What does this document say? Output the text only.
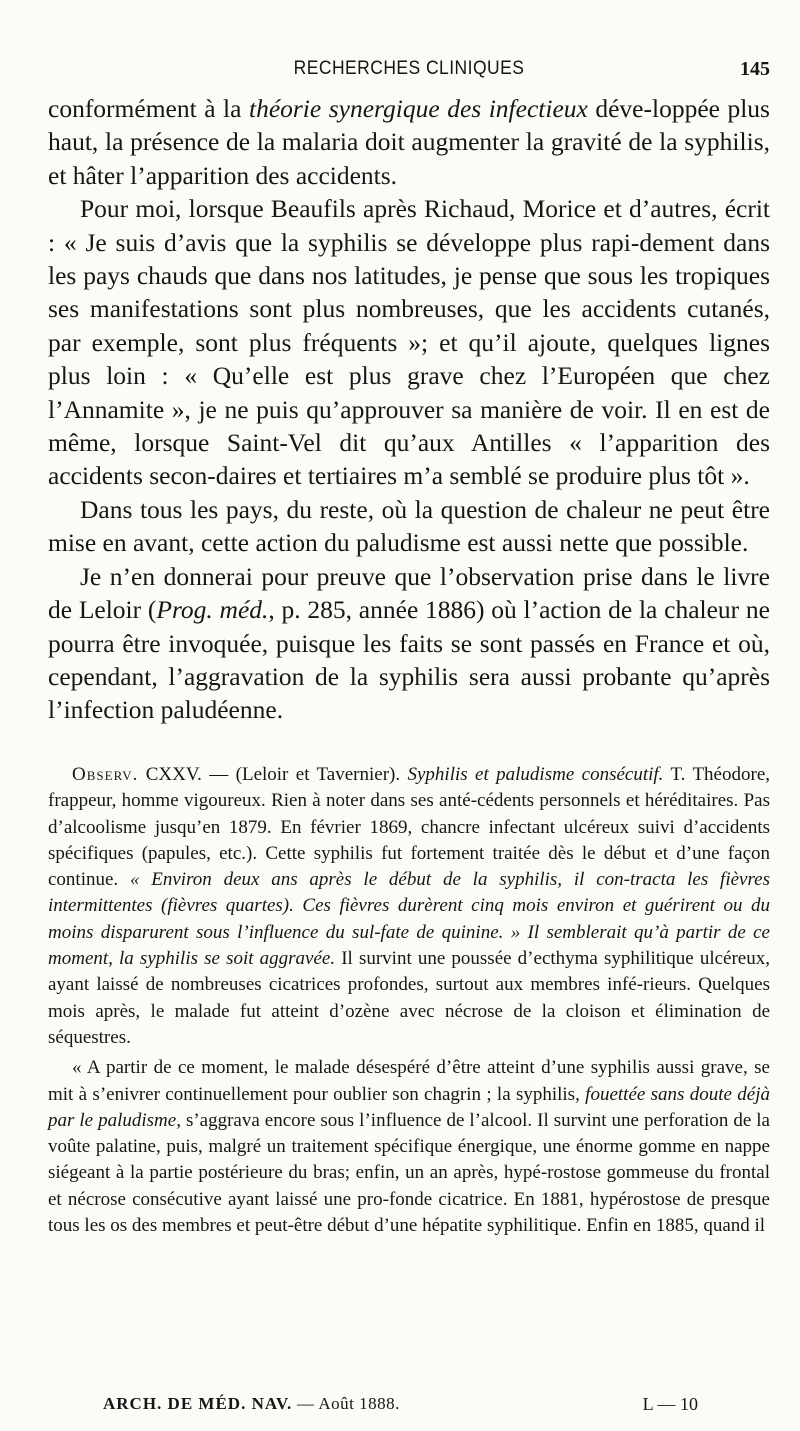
RECHERCHES CLINIQUES	145

conformément à la théorie synergique des infectieux déve-loppée plus haut, la présence de la malaria doit augmenter la gravité de la syphilis, et hâter l’apparition des accidents.

Pour moi, lorsque Beaufils après Richaud, Morice et d’autres, écrit : « Je suis d’avis que la syphilis se développe plus rapi-dement dans les pays chauds que dans nos latitudes, je pense que sous les tropiques ses manifestations sont plus nombreuses, que les accidents cutanés, par exemple, sont plus fréquents »; et qu’il ajoute, quelques lignes plus loin : « Qu’elle est plus grave chez l’Européen que chez l’Annamite », je ne puis qu’approuver sa manière de voir. Il en est de même, lorsque Saint-Vel dit qu’aux Antilles « l’apparition des accidents secon-daires et tertiaires m’a semblé se produire plus tôt ».

Dans tous les pays, du reste, où la question de chaleur ne peut être mise en avant, cette action du paludisme est aussi nette que possible.

Je n’en donnerai pour preuve que l’observation prise dans le livre de Leloir (Prog. méd., p. 285, année 1886) où l’action de la chaleur ne pourra être invoquée, puisque les faits se sont passés en France et où, cependant, l’aggravation de la syphilis sera aussi probante qu’après l’infection paludéenne.

Observ. CXXV. — (Leloir et Tavernier). Syphilis et paludisme consécutif. T. Théodore, frappeur, homme vigoureux. Rien à noter dans ses anté-cédents personnels et héréditaires. Pas d’alcoolisme jusqu’en 1879. En février 1869, chancre infectant ulcéreux suivi d’accidents spécifiques (papules, etc.). Cette syphilis fut fortement traitée dès le début et d’une façon continue. « Environ deux ans après le début de la syphilis, il con-tracta les fièvres intermittentes (fièvres quartes). Ces fièvres durèrent cinq mois environ et guérirent ou du moins disparurent sous l’influence du sul-fate de quinine. » Il semblerait qu’à partir de ce moment, la syphilis se soit aggravée. Il survint une poussée d’ecthyma syphilitique ulcéreux, ayant laissé de nombreuses cicatrices profondes, surtout aux membres infé-rieurs. Quelques mois après, le malade fut atteint d’ozène avec nécrose de la cloison et élimination de séquestres.

« A partir de ce moment, le malade désespéré d’être atteint d’une syphilis aussi grave, se mit à s’enivrer continuellement pour oublier son chagrin ; la syphilis, fouettée sans doute déjà par le paludisme, s’aggrava encore sous l’influence de l’alcool. Il survint une perforation de la voûte palatine, puis, malgré un traitement spécifique énergique, une énorme gomme en nappe siégeant à la partie postérieure du bras; enfin, un an après, hypé-rostose gommeuse du frontal et nécrose consécutive ayant laissé une pro-fonde cicatrice. En 1881, hypérostose de presque tous les os des membres et peut-être début d’une hépatite syphilitique. Enfin en 1885, quand il

ARCH. DE MÉD. NAV. — Août 1888.	L — 10
